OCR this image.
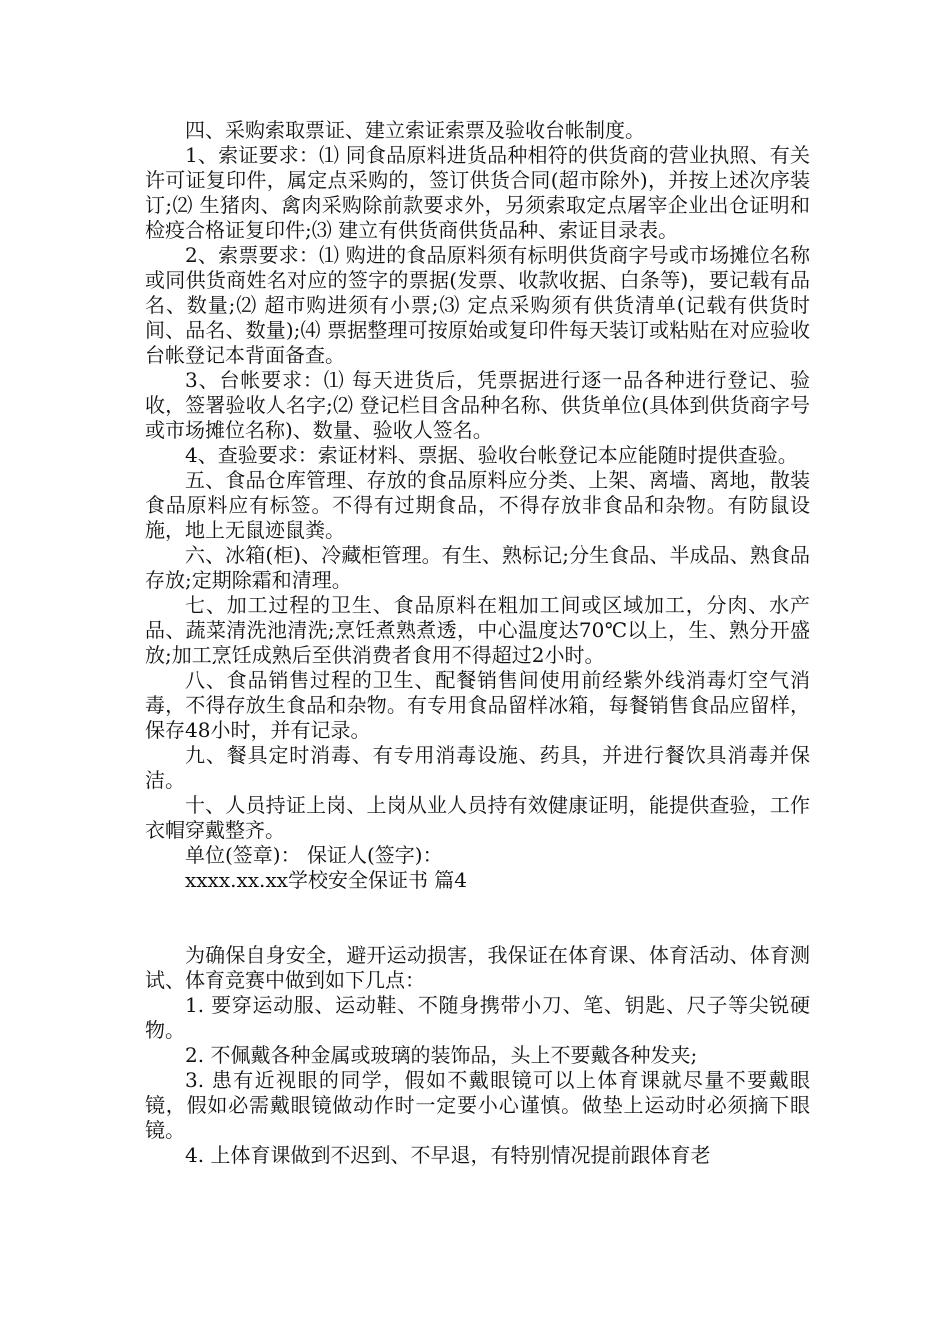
四、采购索取票证、建立索证索票及验收台帐制度。

1、索证要求：⑴ 同食品原料进货品种相符的供货商的营业执照、有关许可证复印件，属定点采购的，签订供货合同(超市除外)，并按上述次序装订;⑵ 生猪肉、禽肉采购除前款要求外，另须索取定点屠宰企业出仓证明和检疫合格证复印件;⑶ 建立有供货商供货品种、索证目录表。

2、索票要求：⑴ 购进的食品原料须有标明供货商字号或市场摊位名称或同供货商姓名对应的签字的票据(发票、收款收据、白条等)，要记载有品名、数量;⑵ 超市购进须有小票;⑶ 定点采购须有供货清单(记载有供货时间、品名、数量);⑷ 票据整理可按原始或复印件每天装订或粘贴在对应验收台帐登记本背面备查。

3、台帐要求：⑴ 每天进货后，凭票据进行逐一品各种进行登记、验收，签署验收人名字;⑵ 登记栏目含品种名称、供货单位(具体到供货商字号或市场摊位名称)、数量、验收人签名。

4、查验要求：索证材料、票据、验收台帐登记本应能随时提供查验。

五、食品仓库管理、存放的食品原料应分类、上架、离墙、离地，散装食品原料应有标签。不得有过期食品，不得存放非食品和杂物。有防鼠设施，地上无鼠迹鼠粪。

六、冰箱(柜)、冷藏柜管理。有生、熟标记;分生食品、半成品、熟食品存放;定期除霜和清理。

七、加工过程的卫生、食品原料在粗加工间或区域加工，分肉、水产品、蔬菜清洗池清洗;烹饪煮熟煮透，中心温度达70℃以上，生、熟分开盛放;加工烹饪成熟后至供消费者食用不得超过2小时。

八、食品销售过程的卫生、配餐销售间使用前经紫外线消毒灯空气消毒，不得存放生食品和杂物。有专用食品留样冰箱，每餐销售食品应留样，保存48小时，并有记录。

九、餐具定时消毒、有专用消毒设施、药具，并进行餐饮具消毒并保洁。

十、人员持证上岗、上岗从业人员持有效健康证明，能提供查验，工作衣帽穿戴整齐。

单位(签章)： 保证人(签字)：

xxxx.xx.xx学校安全保证书 篇4

为确保自身安全，避开运动损害，我保证在体育课、体育活动、体育测试、体育竞赛中做到如下几点：

1. 要穿运动服、运动鞋、不随身携带小刀、笔、钥匙、尺子等尖锐硬物。

2. 不佩戴各种金属或玻璃的装饰品，头上不要戴各种发夹;

3. 患有近视眼的同学，假如不戴眼镜可以上体育课就尽量不要戴眼镜，假如必需戴眼镜做动作时一定要小心谨慎。做垫上运动时必须摘下眼镜。

4. 上体育课做到不迟到、不早退，有特别情况提前跟体育老
